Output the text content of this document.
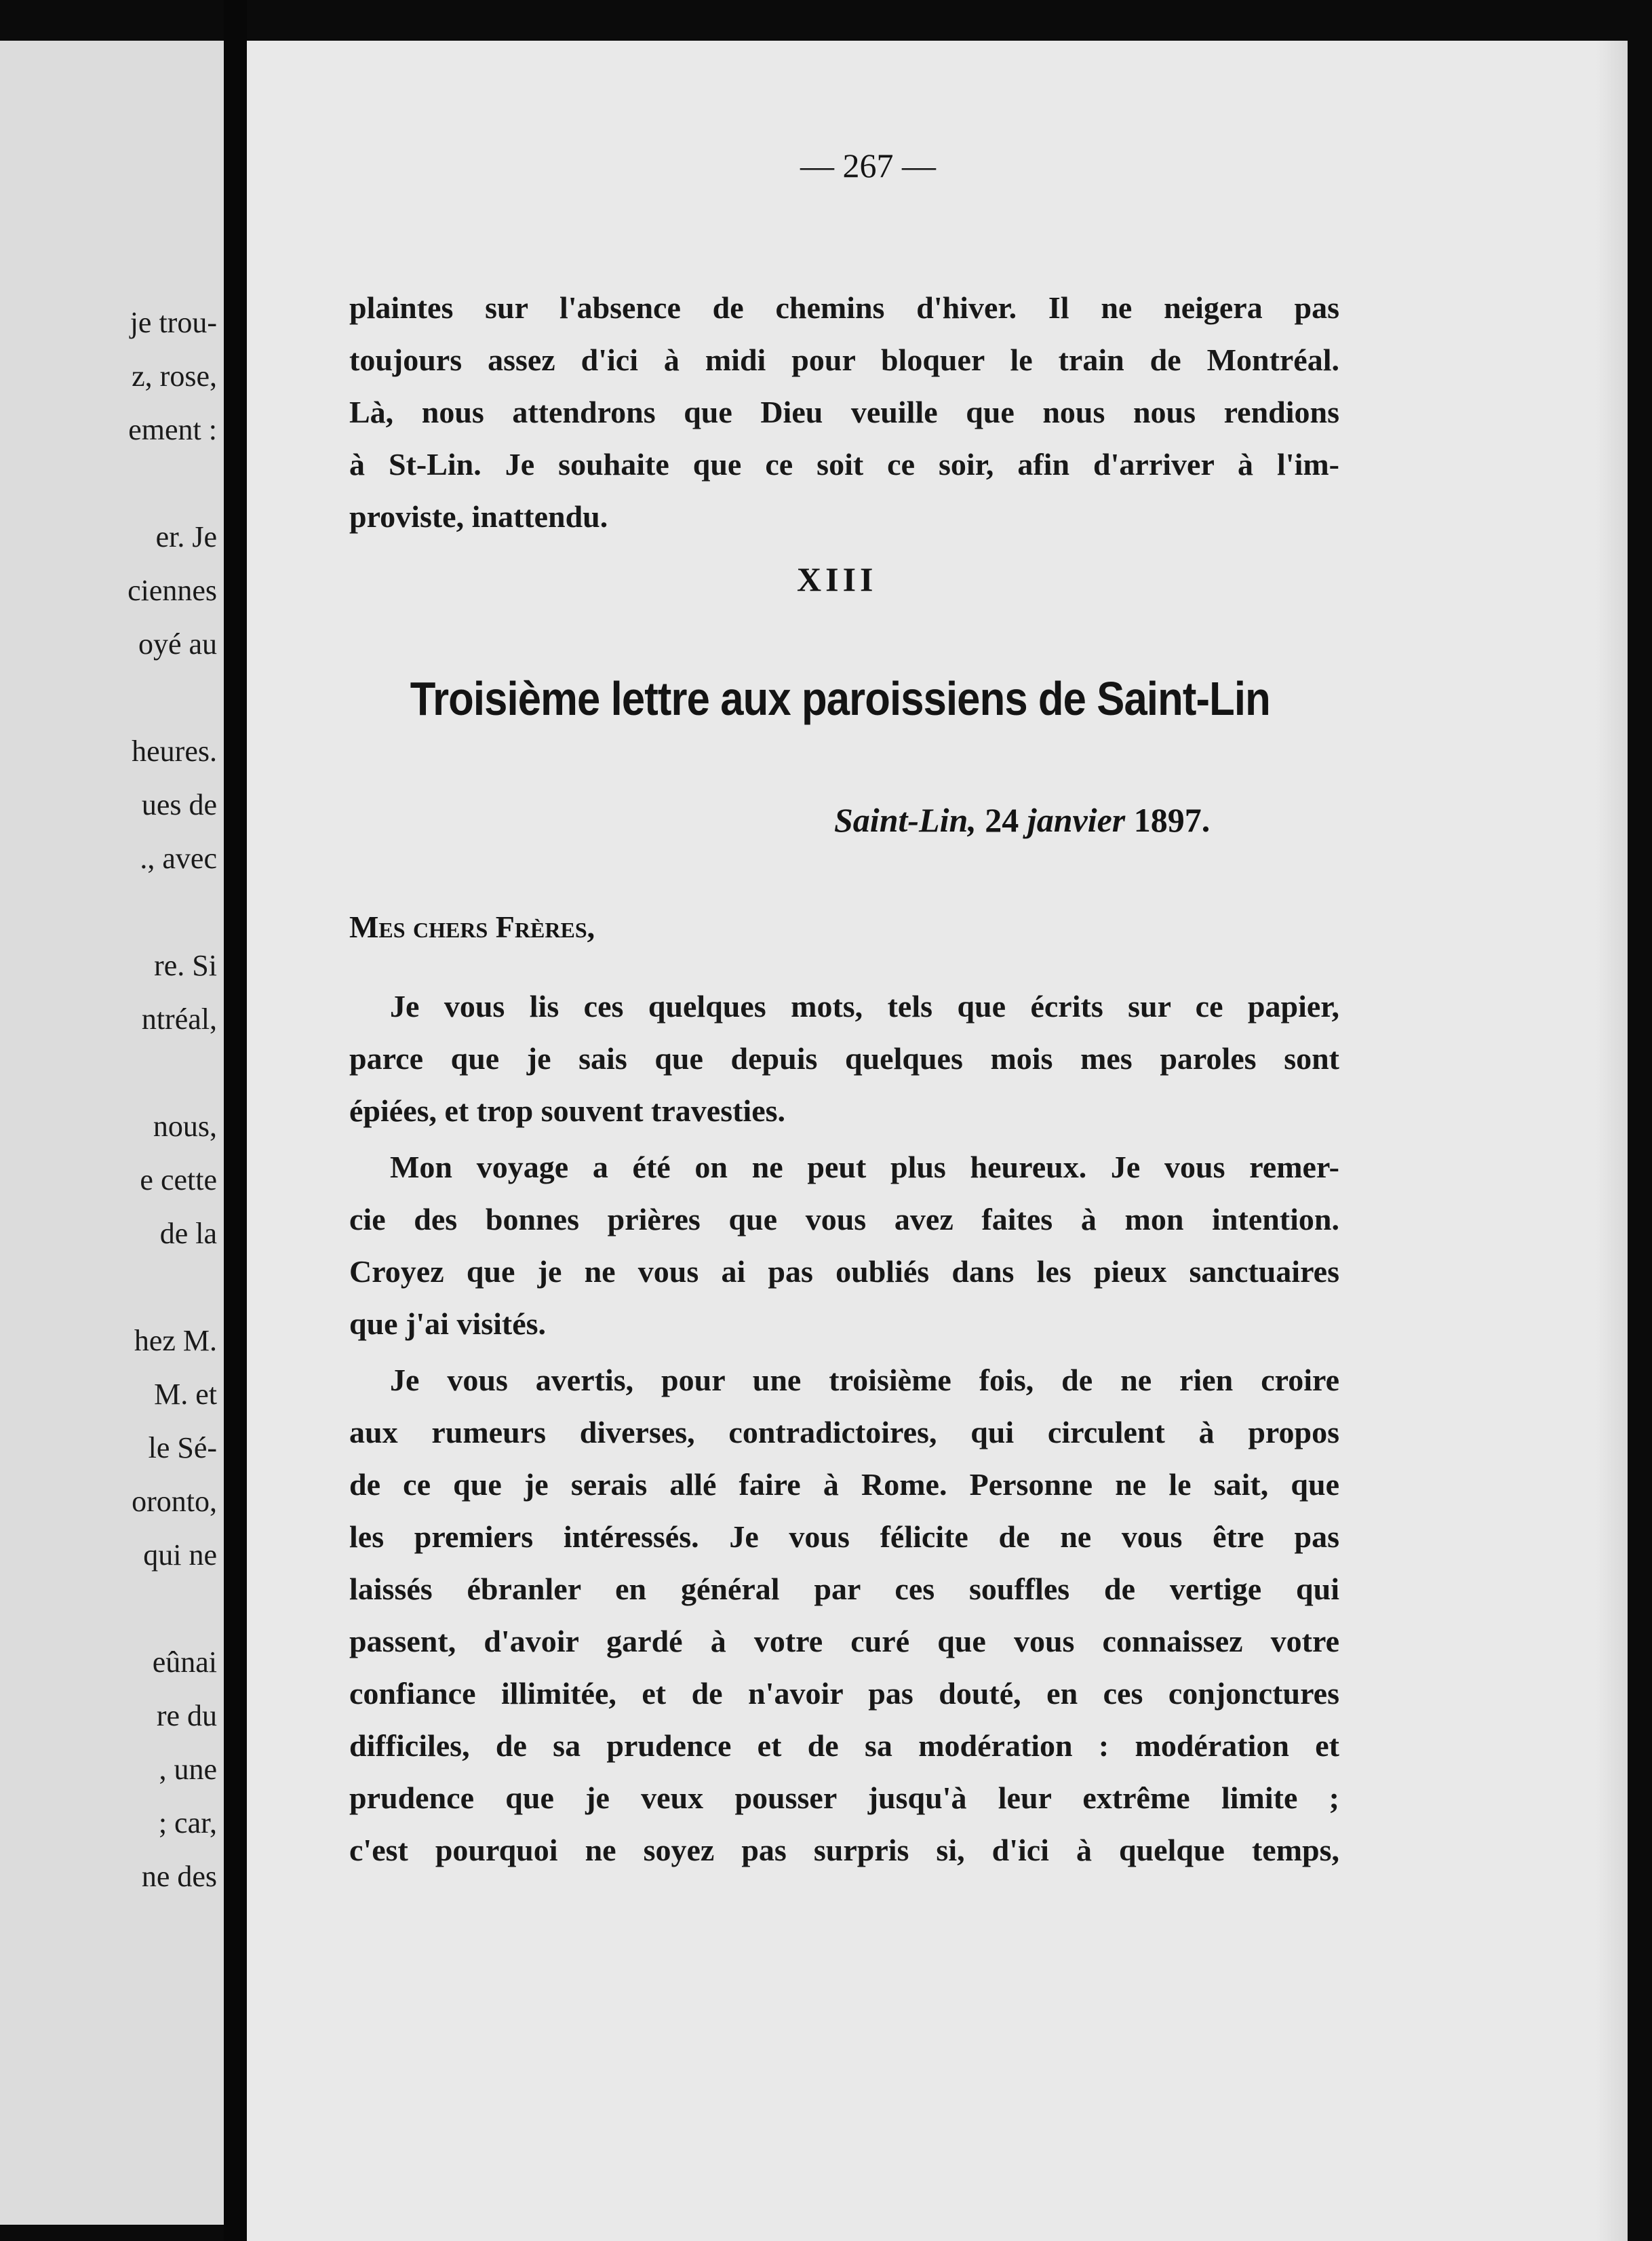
je trou-
z, rose,
ement :
er. Je
ciennes
oyé au
heures.
ues de
., avec
re. Si
ntréal,
nous,
e cette
de la
hez M.
M. et
le Sé-
oronto,
qui ne
eûnai
re du
, une
; car,
ne des
— 267 —
plaintes sur l'absence de chemins d'hiver. Il ne neigera pas
toujours assez d'ici à midi pour bloquer le train de Montréal.
Là, nous attendrons que Dieu veuille que nous nous rendions
à St-Lin. Je souhaite que ce soit ce soir, afin d'arriver à l'im-
proviste, inattendu.
XIII
Troisième lettre aux paroissiens de Saint-Lin
Saint-Lin, 24 janvier 1897.
Mes chers Frères,
Je vous lis ces quelques mots, tels que écrits sur ce papier,
parce que je sais que depuis quelques mois mes paroles sont
épiées, et trop souvent travesties.
Mon voyage a été on ne peut plus heureux. Je vous remer-
cie des bonnes prières que vous avez faites à mon intention.
Croyez que je ne vous ai pas oubliés dans les pieux sanctuaires
que j'ai visités.
Je vous avertis, pour une troisième fois, de ne rien croire
aux rumeurs diverses, contradictoires, qui circulent à propos
de ce que je serais allé faire à Rome. Personne ne le sait, que
les premiers intéressés. Je vous félicite de ne vous être pas
laissés ébranler en général par ces souffles de vertige qui
passent, d'avoir gardé à votre curé que vous connaissez votre
confiance illimitée, et de n'avoir pas douté, en ces conjonctures
difficiles, de sa prudence et de sa modération : modération et
prudence que je veux pousser jusqu'à leur extrême limite ;
c'est pourquoi ne soyez pas surpris si, d'ici à quelque temps,
